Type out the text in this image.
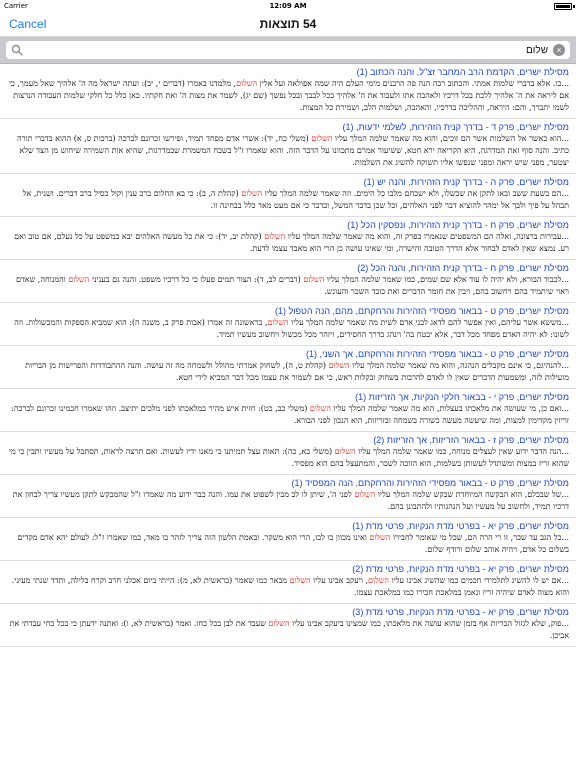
Carrier	12:09 AM
Cancel	54 תוצאות
שלום
×
מסילת ישרים, הקדמת הרב המחבר זצ"ל, והנה הכתוב (1)
...כו. אלא בדברי שלמות אמתי. והכתוב רבה הנה פה הרבנים מימי העלם היה שמה אפולאה ועל אלין השלום, מלמדנו באמרו (דברים י, יב): ועתה ישראל מה ה' אלהיך שאל מעמך, כי אם ליראה את ה' אלהיך ללכת בכל דרכיו ולאהבה אתו ולעבוד את ה' אלהיך בכל לבבך ובכל נפשך (שם יג), לשמר את מצות ה' ואת חקתיו. כאן כלל כל חלקי שלמות העבודה הנרצות לשמו יתברך, והם: היראה, וההליכה בדרכיו, והאהבה, ושלמות הלב, ושמירת כל המצות.
מסילת ישרים, פרק ד - בדרך קנית הזהירות, לשלמי ידעות, (1)
...הוא כאשר אל השלמות אשר הם זוכים, והוא מה שאמר שלמה המלך עליו השלום (משלי כח, יד): אשרי אדם מפחד תמיד, ופירשו זכרונם לברכה (ברכות ס, א) ההוא בדברי תורה כתיב. והנה סוף זאת המדרגה, היא הקריאה ירא חטא, ששיעור אמרם מתכוונו על הדבר הזה. והוא שאמרו ז"ל בשבח המשמרת שבמדרגות, שהיא אות השמירה שיחוש מן הצד שלא יצטער, מפני שיש יראה ומפני שנפשו אליו תשוקה להשיג את השלמות.
מסילת ישרים, פרק ה - בדרך קנית הזהירות, והנה יש (1)
...הם בשעת ששב ובאו לתקן את שבשלו, ולא ישכחם מלבו כל הימים. וזה שאמר שלמה המלך עליו השלום (קהלת ה, ב): כי בא החלום ברב ענין וקול כסיל ברב דברים. ושנית, אל תבהל על פיך ולבך אל ימהר להוציא דבר לפני האלהים, וכל שכן בדבר המשל, ובדבר כי אם מעט מאד כלל בבחינה זו.
מסילת ישרים, פרק ח - בדרך קנית הזהירות, ונפסקין הכל (1)
...עבירות ברצונה, ואלה הם המשפטים שנאמרו בפרק זה, והוא מה שאמר שלמה המלך עליו השלום (קהלת יב, יד): כי את כל מעשה האלהים יבא במשפט על כל נעלם, אם טוב ואם רע. נמצא שאין לאדם לבחור אלא הדרך הטובה והישרה, ומי שאינו עושה כן הרי הוא מאבד עצמו לדעת.
מסילת ישרים, פרק ח - בדרך קנית הזהירות, והנה הכל (2)
...לכבוד הבורא, ולא יהיה לו עוד אלא שם שמים, כמו שאמר שלמה המלך עליו השלום (דברים לב, ד): הצור תמים פעלו כי כל דרכיו משפט. והנה גם בעניני השלום והמנוחה, שאדם ראוי שיתמיד בהם ויחשוב בהם, ויבין את חומר הדברים ואת כובד השכר והעונש.
מסילת ישרים, פרק ט - בבאור מפסידי הזהירות והרחקתם, מהם, הנה הטפול (1)
...מששא אשר עליהם, ואין אפשר להם לדאג לבני אדם לשית מה שאמר שלמה המלך עליו השלום, בראשונה זה אמרו (אבות פרק ב, משנה ה): הוא שמביא הספקות והמכשולות. וזה לשונו: לא יהיה האדם מפחד מכל דבר, אלא יבטח בה' וינהג כדרך החסידים, ויזהר מכל מכשול ויחשוב מעשיו תמיד.
מסילת ישרים, פרק ט - בבאור מפסידי הזהירות והרחקתם, אך השני, (1)
...להנהיגם, כי אינם מקבלים הנהגה, והוא מה שאמר שלמה המלך עליו השלום (קהלת ט, ה), לשחוק אמרתי מהולל ולשמחה מה זה עושה. והנה ההתבודדות והפרישות מן הבריות מועילות לזה, ומשמעות הדברים שאין לו לאדם להרבות בשחוק ובקלות ראש, כי אם לשמור את עצמו מכל דבר המביא לידי חטא.
מסילת ישרים, פרק י - בבאור חלקי הנקיות, אך הזריזות (1)
...ואם כן, מי שעושה את מלאכתו בעצלות, הוא מה שאמר שלמה המלך עליו השלום (משלי כב, כט): חזית איש מהיר במלאכתו לפני מלכים יתיצב. וזהו שאמרו חכמינו זכרונם לברכה: זריזין מקדימין למצות, ומה שיעשה מעשה כשורה בשמחה ובזריזות, הוא הנכון לפני הבורא.
מסילת ישרים, פרק ז - בבאור הזריזות, אך הזריזות (2)
...הנה הדבר ידוע שאין לעצלים מנוחה, כמו שאמר שלמה המלך עליו השלום (משלי כא, כה): תאות עצל תמיתנו כי מאנו ידיו לעשות. ואם תרצה לראות, תסתכל על מעשיו ותבין כי מי שהוא זריז במצות ומשתדל לעשותן בשלמות, הוא הזוכה לשכר, והמתעצל בהם הוא מפסיד.
מסילת ישרים, פרק ט - בבאור מפסידי הזהירות והרחקתם, הנה המפסיד (1)
...של שבכלם, הוא הבקשה המיוחדת שבקש שלמה המלך עליו השלום לפני ה', שיתן לו לב מבין לשפוט את עמו. והנה כבר ידוע מה שאמרו ז"ל שהמבקש לתקן מעשיו צריך לבחון את דרכיו תמיד, ולחשוב על מעשיו ועל הנהגותיו ולהתבונן בהם.
מסילת ישרים, פרק יא - בפרטי מדת הנקיות, פרטי מדת (1)
...כל הגב עד שבר, זו רי הרה הם, שכל מי שאומר לחבירו השלום ואינו מכוון בו לבו, הרי הוא משקר. ובאמת הלשון הזה צריך לזהר בו מאד, כמו שאמרו ז"ל: לעולם יהא אדם מקדים בשלום כל אדם, ויהיה אוהב שלום ורודף שלום.
מסילת ישרים, פרק יא - בפרטי מדת הנקיות, פרטי מדת (2)
...אם יש לו להשיג לתלמידי חכמים כמו שהשיג אבינו עליו השלום, ויעקב אבינו עליו השלום מבאר כמו שאמר (בראשית לא, מ): הייתי ביום אכלני חרב וקרח בלילה, ותדד שנתי מעיני. והוא מצוה לאדם שיהיה זריז ונאמן במלאכת חבירו כמו במלאכת עצמו.
מסילת ישרים, פרק יא - בפרטי מדת הנקיות, פרטי מדת (3)
...פוק, שלא לגזול הבריות אף בזמן שהוא עושה את מלאכתו, כמו שמצינו ביעקב אבינו עליו השלום שעבד את לבן בכל כחו. ואמר (בראשית לא, ו): ואתנה ידעתן כי בכל כחי עבדתי את אביכן.
